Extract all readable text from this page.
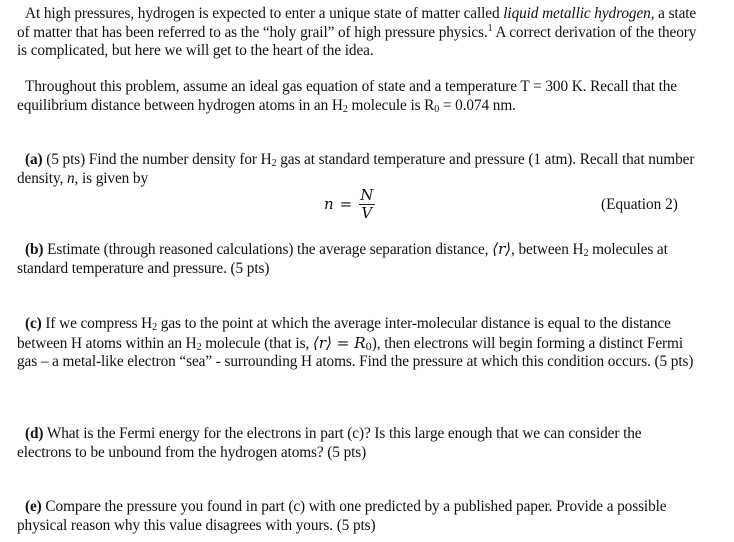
At high pressures, hydrogen is expected to enter a unique state of matter called liquid metallic hydrogen, a state of matter that has been referred to as the “holy grail” of high pressure physics.$^1$ A correct derivation of the theory is complicated, but here we will get to the heart of the idea.

Throughout this problem, assume an ideal gas equation of state and a temperature T = 300 K. Recall that the equilibrium distance between hydrogen atoms in an $H_2$ molecule is $R_0 = 0.074$ nm.

(a) (5 pts) Find the number density for $H_2$ gas at standard temperature and pressure (1 atm). Recall that number density, n, is given by

$n = \frac{N}{V}$	(Equation 2)

(b) Estimate (through reasoned calculations) the average separation distance, ⟨r⟩, between $H_2$ molecules at standard temperature and pressure. (5 pts)

(c) If we compress $H_2$ gas to the point at which the average inter-molecular distance is equal to the distance between H atoms within an $H_2$ molecule (that is, ⟨r⟩ = $R_0$), then electrons will begin forming a distinct Fermi gas – a metal-like electron “sea” - surrounding H atoms. Find the pressure at which this condition occurs. (5 pts)

(d) What is the Fermi energy for the electrons in part (c)? Is this large enough that we can consider the electrons to be unbound from the hydrogen atoms? (5 pts)

(e) Compare the pressure you found in part (c) with one predicted by a published paper. Provide a possible physical reason why this value disagrees with yours. (5 pts)
